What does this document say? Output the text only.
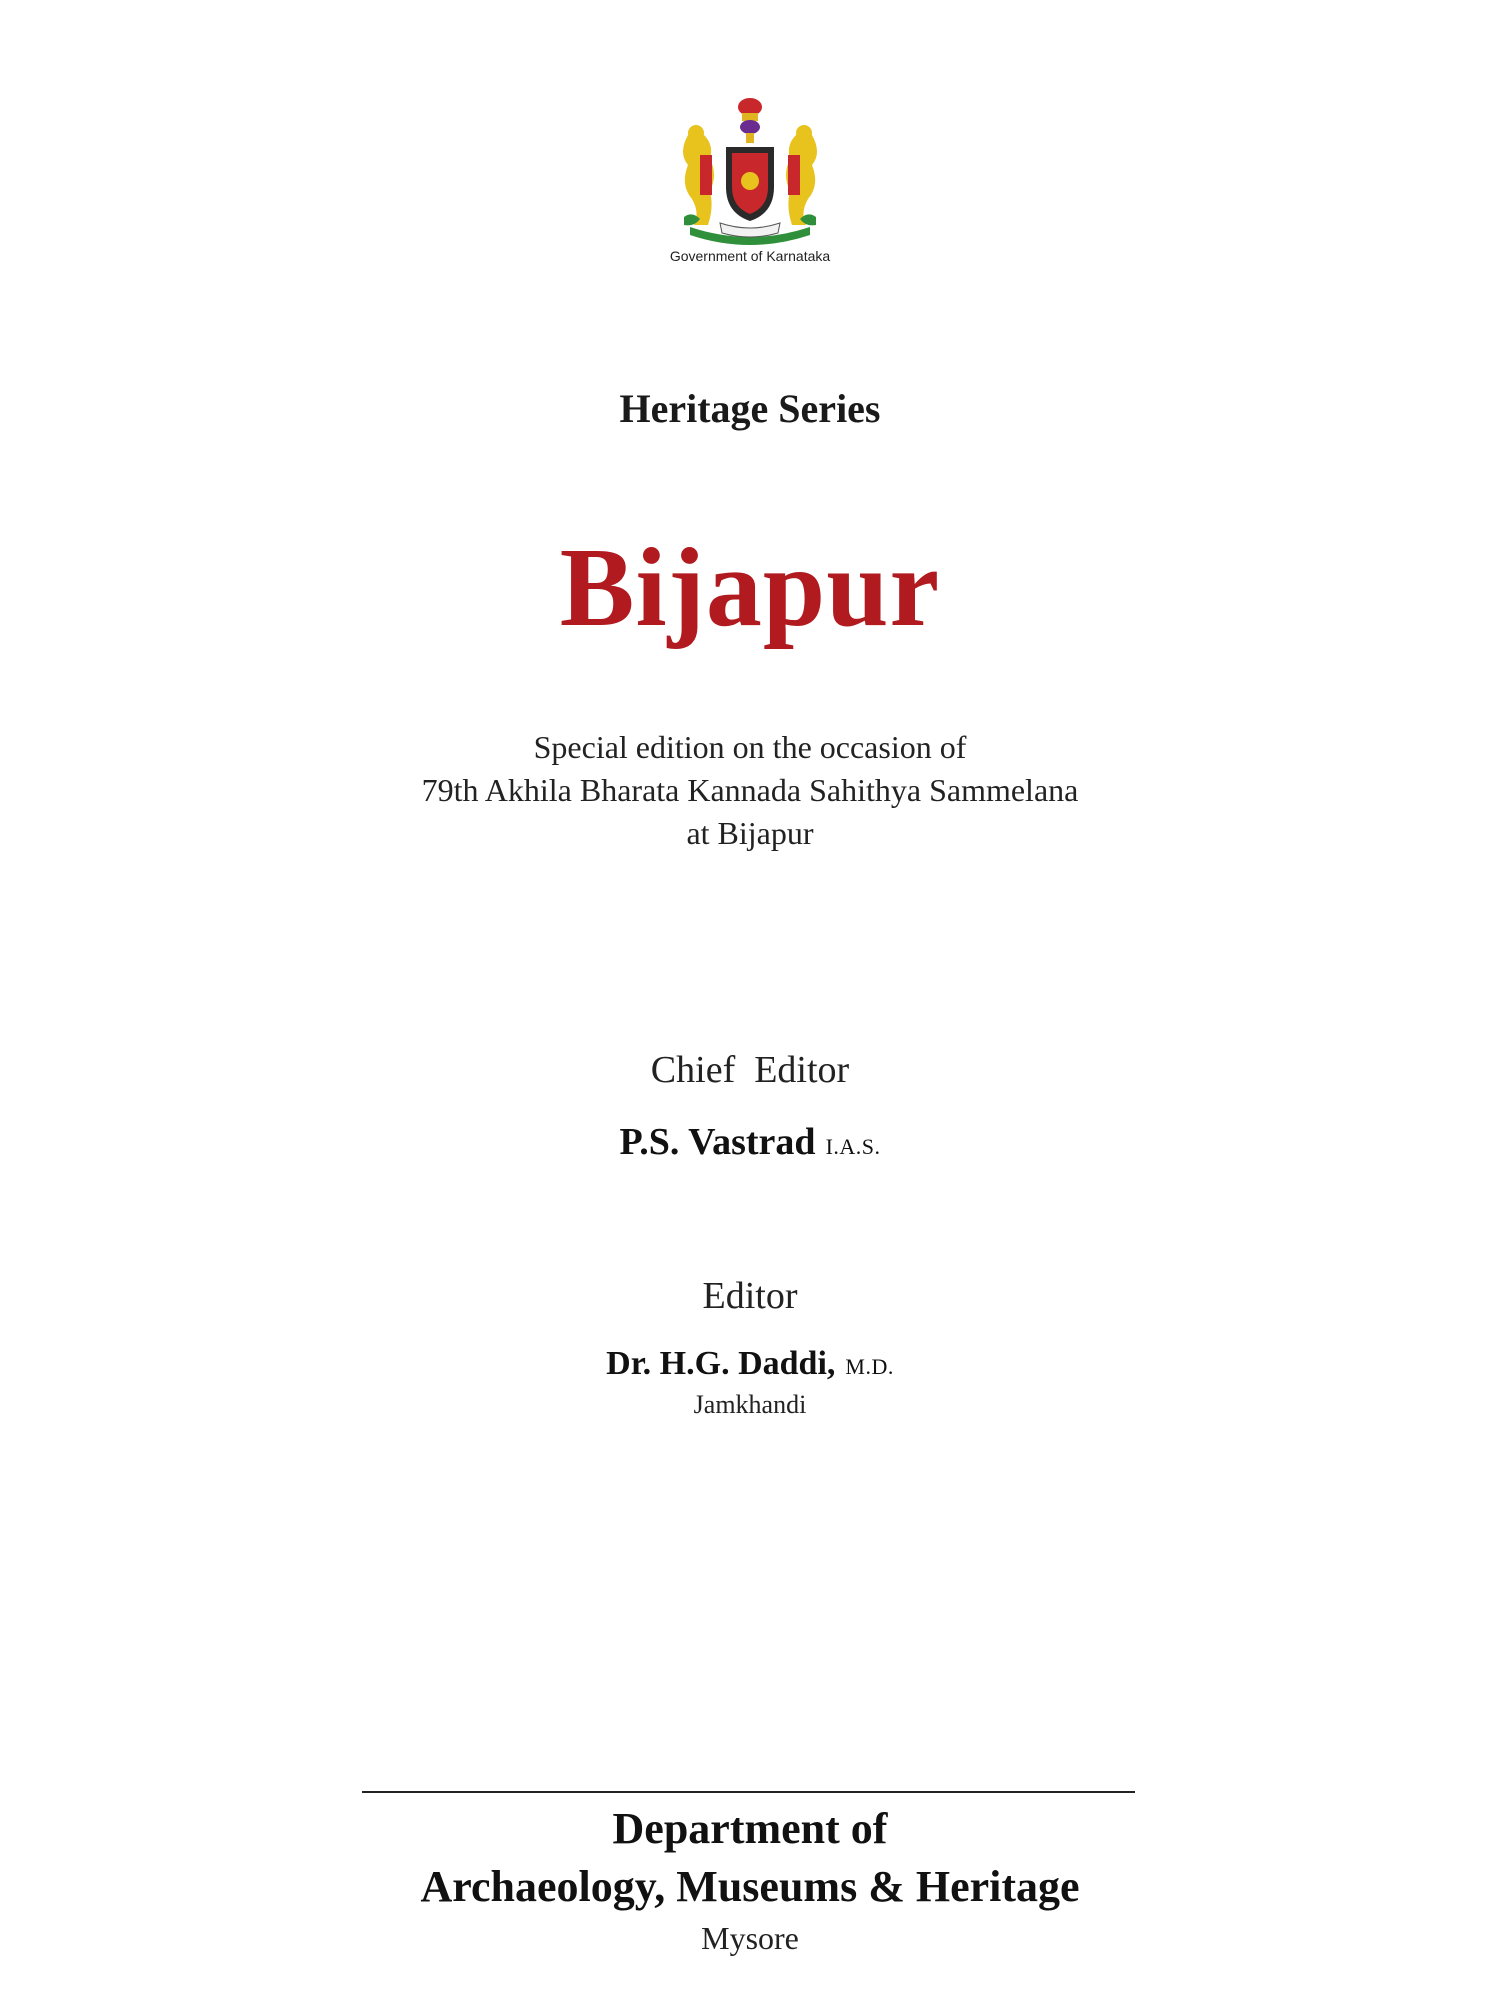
Government of Karnataka
Heritage Series
Bijapur
Special edition on the occasion of
79th Akhila Bharata Kannada Sahithya Sammelana
at Bijapur
Chief  Editor
P.S. Vastrad I.A.S.
Editor
Dr. H.G. Daddi, M.D.
Jamkhandi
Department of
Archaeology, Museums & Heritage
Mysore
